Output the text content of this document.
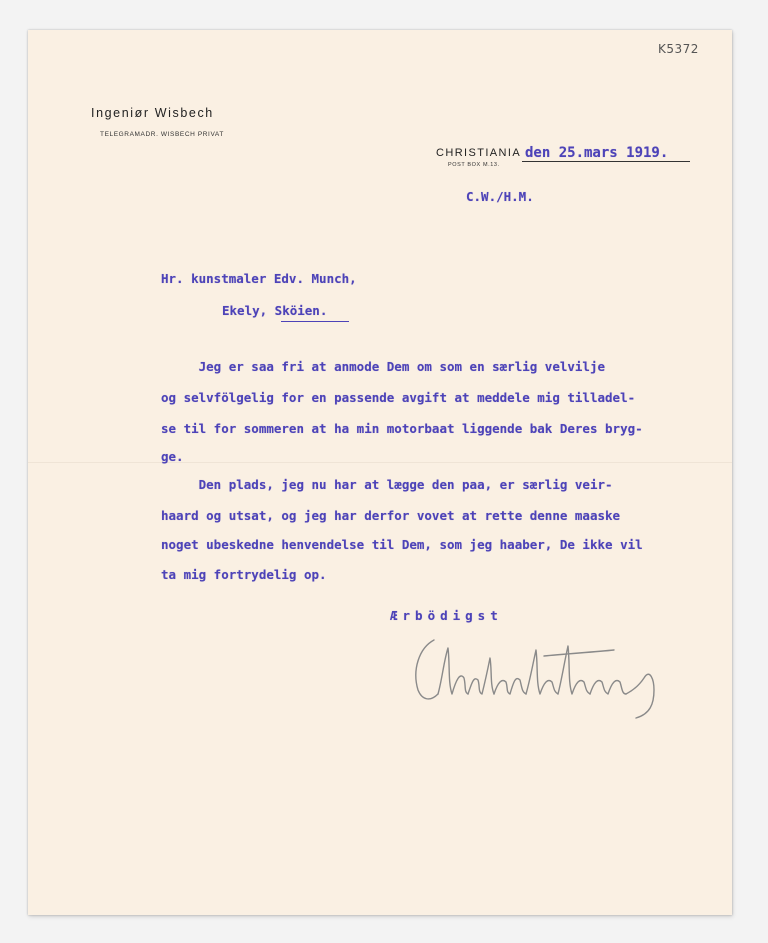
K5372
Ingeniør Wisbech
TELEGRAMADR. WISBECH PRIVAT
CHRISTIANIA
POST BOX M.13.
den 25.mars 1919.
C.W./H.M.
Hr. kunstmaler Edv. Munch,
Ekely, Sköien.
Jeg er saa fri at anmode Dem om som en særlig velvilje
og selvfölgelig for en passende avgift at meddele mig tilladel-
se til for sommeren at ha min motorbaat liggende bak Deres bryg-
ge.
Den plads, jeg nu har at lægge den paa, er særlig veir-
haard og utsat, og jeg har derfor vovet at rette denne maaske
noget ubeskedne henvendelse til Dem, som jeg haaber, De ikke vil
ta mig fortrydelig op.
Ærbödigst
